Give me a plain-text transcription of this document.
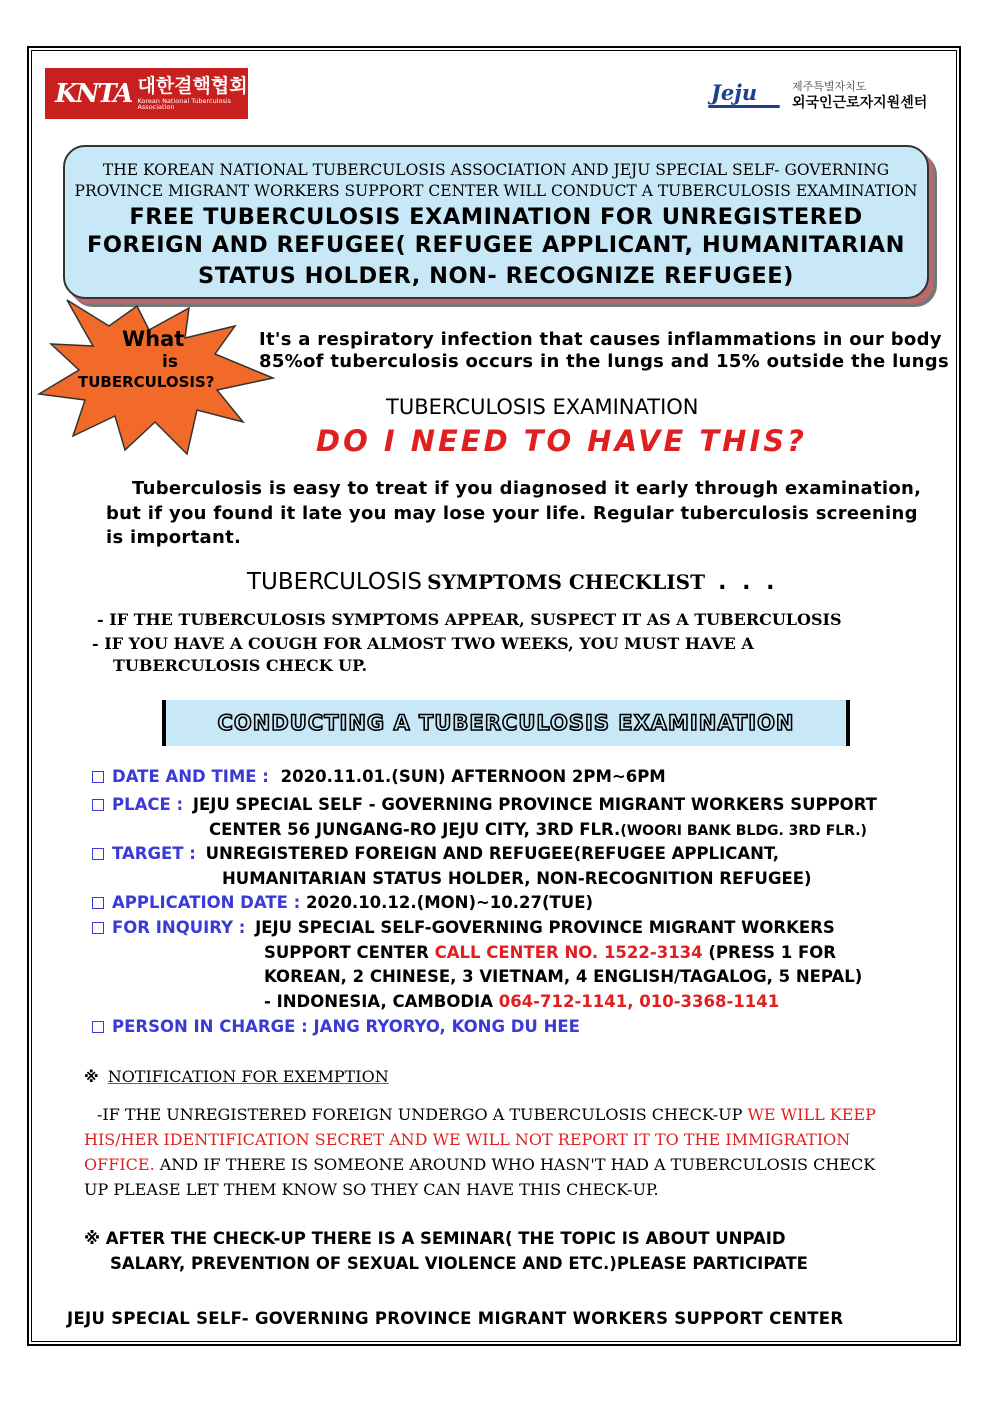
KNTA 대한결핵협회
Korean National Tuberculosis Association
Jeju	제주특별자치도
외국인근로자지원센터
THE KOREAN NATIONAL TUBERCULOSIS ASSOCIATION AND JEJU SPECIAL SELF- GOVERNING
PROVINCE MIGRANT WORKERS SUPPORT CENTER WILL CONDUCT A TUBERCULOSIS EXAMINATION
FREE TUBERCULOSIS EXAMINATION FOR UNREGISTERED
FOREIGN AND REFUGEE( REFUGEE APPLICANT, HUMANITARIAN
STATUS HOLDER, NON- RECOGNIZE REFUGEE)
What
is
TUBERCULOSIS?
It's a respiratory infection that causes inflammations in our body
85%of tuberculosis occurs in the lungs and 15% outside the lungs
TUBERCULOSIS EXAMINATION
DO I NEED TO HAVE THIS?
Tuberculosis is easy to treat if you diagnosed it early through examination,
but if you found it late you may lose your life. Regular tuberculosis screening
is important.
TUBERCULOSIS SYMPTOMS CHECKLIST . . .
- IF THE TUBERCULOSIS SYMPTOMS APPEAR, SUSPECT IT AS A TUBERCULOSIS
- IF YOU HAVE A COUGH FOR ALMOST TWO WEEKS, YOU MUST HAVE A
TUBERCULOSIS CHECK UP.
CONDUCTING A TUBERCULOSIS EXAMINATION
DATE AND TIME : 2020.11.01.(SUN) AFTERNOON 2PM~6PM
PLACE : JEJU SPECIAL SELF - GOVERNING PROVINCE MIGRANT WORKERS SUPPORT
CENTER 56 JUNGANG-RO JEJU CITY, 3RD FLR.(WOORI BANK BLDG. 3RD FLR.)
TARGET : UNREGISTERED FOREIGN AND REFUGEE(REFUGEE APPLICANT,
HUMANITARIAN STATUS HOLDER, NON-RECOGNITION REFUGEE)
APPLICATION DATE : 2020.10.12.(MON)~10.27(TUE)
FOR INQUIRY : JEJU SPECIAL SELF-GOVERNING PROVINCE MIGRANT WORKERS
SUPPORT CENTER CALL CENTER NO. 1522-3134 (PRESS 1 FOR
KOREAN, 2 CHINESE, 3 VIETNAM, 4 ENGLISH/TAGALOG, 5 NEPAL)
- INDONESIA, CAMBODIA 064-712-1141, 010-3368-1141
PERSON IN CHARGE : JANG RYORYO, KONG DU HEE
※ NOTIFICATION FOR EXEMPTION
-IF THE UNREGISTERED FOREIGN UNDERGO A TUBERCULOSIS CHECK-UP WE WILL KEEP
HIS/HER IDENTIFICATION SECRET AND WE WILL NOT REPORT IT TO THE IMMIGRATION
OFFICE. AND IF THERE IS SOMEONE AROUND WHO HASN'T HAD A TUBERCULOSIS CHECK
UP PLEASE LET THEM KNOW SO THEY CAN HAVE THIS CHECK-UP.
※ AFTER THE CHECK-UP THERE IS A SEMINAR( THE TOPIC IS ABOUT UNPAID
SALARY, PREVENTION OF SEXUAL VIOLENCE AND ETC.)PLEASE PARTICIPATE
JEJU SPECIAL SELF- GOVERNING PROVINCE MIGRANT WORKERS SUPPORT CENTER
